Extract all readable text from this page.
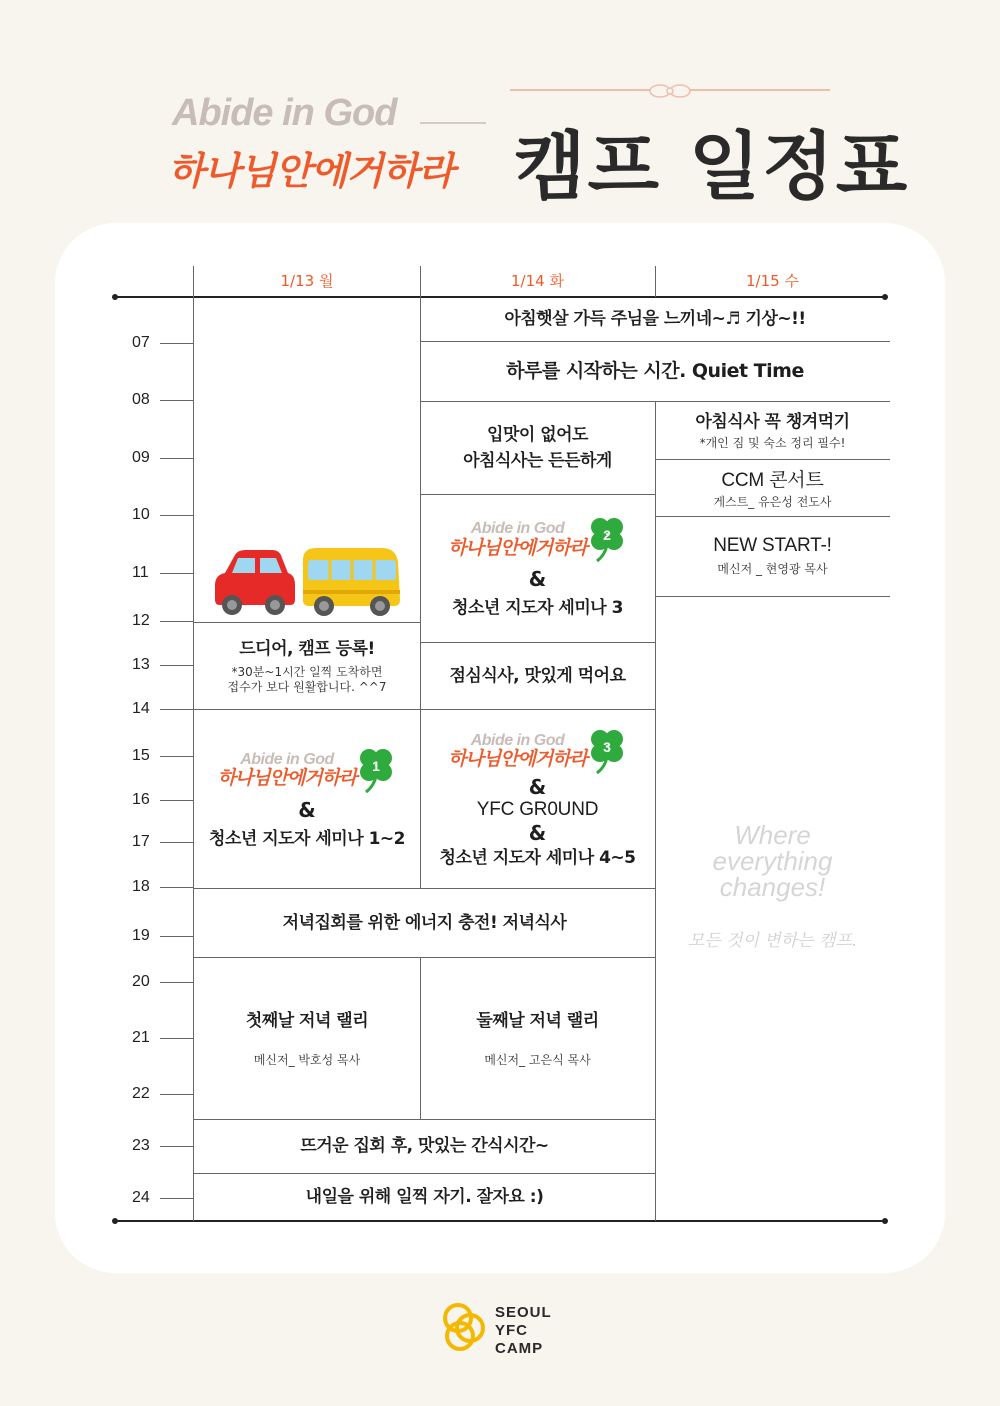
Abide in God
하나님안에거하라 캠프 일정표
1/13 월	1/14 화	1/15 수
07
08
09
10
11
12
13
14
15
16
17
18
19
20
21
22
23
24
아침햇살 가득 주님을 느끼네~♬ 기상~!!
하루를 시작하는 시간. Quiet Time
입맛이 없어도
아침식사는 든든하게
아침식사 꼭 챙겨먹기
*개인 짐 및 숙소 정리 필수!
CCM 콘서트
게스트_ 유은성 전도사
NEW START-!
메신저 _ 현영광 목사
Abide in God
하나님안에거하라
2
&
청소년 지도자 세미나 3
드디어, 캠프 등록!
*30분~1시간 일찍 도착하면
접수가 보다 원활합니다. ^^7
점심식사, 맛있게 먹어요
Abide in God
하나님안에거하라
1
&
청소년 지도자 세미나 1~2
Abide in God
하나님안에거하라
3
&
YFC GR0UND
&
청소년 지도자 세미나 4~5
저녁집회를 위한 에너지 충전! 저녁식사
첫째날 저녁 랠리
메신저_ 박호성 목사
둘째날 저녁 랠리
메신저_ 고은식 목사
뜨거운 집회 후, 맛있는 간식시간~
내일을 위해 일찍 자기. 잘자요 :)
Where
everything
changes!
모든 것이 변하는 캠프.
SEOUL
YFC
CAMP
